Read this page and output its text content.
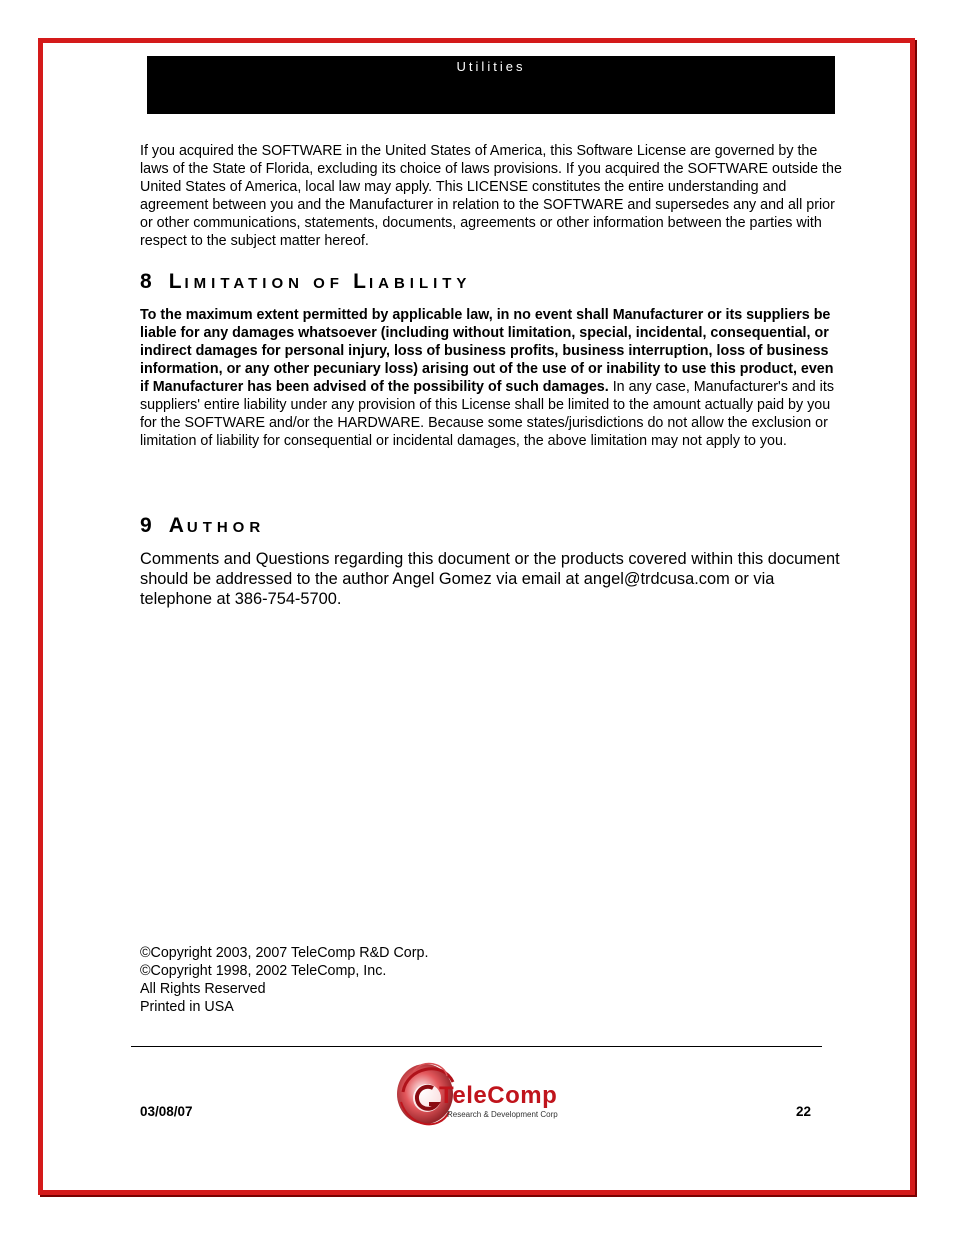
Utilities

If you acquired the SOFTWARE in the United States of America, this Software License are governed by the laws of the State of Florida, excluding its choice of laws provisions. If you acquired the SOFTWARE outside the United States of America, local law may apply. This LICENSE constitutes the entire understanding and agreement between you and the Manufacturer in relation to the SOFTWARE and supersedes any and all prior or other communications, statements, documents, agreements or other information between the parties with respect to the subject matter hereof.

8 LIMITATION OF LIABILITY

To the maximum extent permitted by applicable law, in no event shall Manufacturer or its suppliers be liable for any damages whatsoever (including without limitation, special, incidental, consequential, or indirect damages for personal injury, loss of business profits, business interruption, loss of business information, or any other pecuniary loss) arising out of the use of or inability to use this product, even if Manufacturer has been advised of the possibility of such damages. In any case, Manufacturer's and its suppliers' entire liability under any provision of this License shall be limited to the amount actually paid by you for the SOFTWARE and/or the HARDWARE. Because some states/jurisdictions do not allow the exclusion or limitation of liability for consequential or incidental damages, the above limitation may not apply to you.

9 AUTHOR

Comments and Questions regarding this document or the products covered within this document should be addressed to the author Angel Gomez via email at angel@trdcusa.com or via telephone at 386-754-5700.

©Copyright 2003, 2007 TeleComp R&D Corp.
©Copyright 1998, 2002 TeleComp, Inc.
All Rights Reserved
Printed in USA
03/08/07
TeleComp
Research & Development Corp	22
